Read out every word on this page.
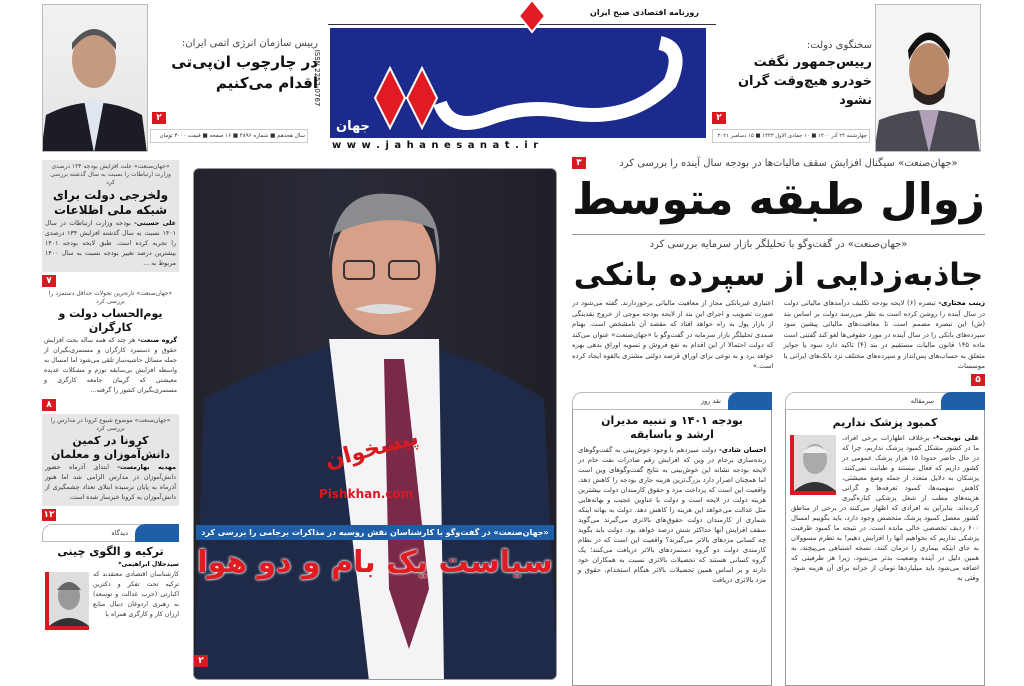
۲
رییس سازمان انرژی اتمی ایران:
در چارچوب ان‌پی‌تی اقدام می‌کنیم
سال هجدهم ■ شماره ۴۸۹۶ ■ ۱۶ صفحه ■ قیمت ۳۰۰۰ تومان
روزنامه اقتصادی صبح ایران
جهان
w w w . j a h a n e s a n a t . i r
ISSN 2252-0767
چهارشنبه ۲۴ آذر ۱۴۰۰ ■ ۱۰ جمادی الاول ۱۴۴۳ ■ ۱۵ دسامبر ۲۰۲۱
سخنگوی دولت:
رییس‌جمهور نگفت خودرو هیچ‌وقت گران نشود
۲
«جهان‌صنعت» علت افزایش بودجه ۱۳۴ درصدی وزارت ارتباطات را نسبت به سال گذشته بررسی کرد
ولخرجی دولت برای شبکه ملی اطلاعات
علی حسینی- بودجه وزارت ارتباطات در سال ۱۴۰۱ نسبت به سال گذشته افزایش ۱۳۴ درصدی را تجربه کرده است. طبق لایحه بودجه ۱۴۰۱ بیشترین درصد تغییر بودجه نسبت به سال ۱۴۰۰ مربوط به ...
۷
«جهان‌صنعت» تازه‌ترین تحولات حداقل دستمزد را بررسی کرد
یوم‌الحساب دولت و کارگران
گروه صنعت- هر چند که همه ساله بحث افزایش حقوق و دستمزد کارگران و مستمری‌بگیران از جمله مسائل حاشیه‌ساز تلقی می‌شود اما امسال به واسطه افزایش بی‌سابقه تورم و مشکلات عدیده معیشتی که گریبان جامعه کارگری و مستمری‌بگیران کشور را گرفته...
۸
«جهان‌صنعت» موضوع شیوع کرونا در مدارس را بررسی کرد
کرونا در کمین دانش‌آموزان و معلمان
مهدیه بهارمست- ابتدای آذرماه حضور دانش‌آموزان در مدارس الزامی شد اما هنوز آذرماه به پایان نرسیده ابتلای تعداد چشمگیری از دانش‌آموزان به کرونا خبرساز شده است.
۱۲
دیدگاه
ترکیه و الگوی چینی
سیدجلال ابراهیمی*
کارشناسان اقتصادی معتقدند که ترکیه تحت تفکر و دکترین اکبارتی (حزب عدالت و توسعه) به رهبری اردوغان دنبال منابع ارزان کار و کارگری همراه با
پیشخوان
Pishkhan.com
«جهان‌صنعت» در گفت‌وگو با کارشناسان نقش روسیه در مذاکرات برجامی را بررسی کرد
سیاست یک بام و دو هوا
۲
«جهان‌صنعت» سیگنال افزایش سقف مالیات‌ها در بودجه سال آینده را بررسی کرد
۳
زوال طبقه متوسط
«جهان‌صنعت» در گفت‌وگو با تحلیلگر بازار سرمایه بررسی کرد
جاذبه‌زدایی از سپرده بانکی
زینب مختاری- تبصره (۶) لایحه بودجه تکلیف درآمدهای مالیاتی دولت در سال آینده را روشن کرده است به نظر می‌رسد دولت بر اساس بند (ش) این تبصره مصمم است تا معافیت‌های مالیاتی پیشین سود سپرده‌های بانکی را در سال آینده در مورد حقوقی‌ها لغو کند گفتنی است ماده ۱۴۵ قانون مالیات مستقیم در بند (۴) تاکید دارد سود یا جوایز متعلق به حساب‌های پس‌انداز و سپرده‌های مختلف نزد بانک‌های ایرانی یا موسسات
اعتباری غیربانکی مجاز از معافیت مالیاتی برخوردارند. گفته می‌شود در صورت تصویب و اجرای این بند از لایحه بودجه موجی از خروج نقدینگی از بازار پول به راه خواهد افتاد که مقصد آن نامشخص است. بهنام صمدی تحلیلگر بازار سرمایه در گفت‌وگو با «جهان‌صنعت» عنوان می‌کند که دولت احتمالا از این اقدام به نفع فروش و تسویه اوراق بدهی بهره خواهد برد و به نوعی برای اوراق قرضه دولتی مشتری بالقوه ایجاد کرده است.»
۵
سرمقاله
کمبود پزشک نداریم
علی نوبخت*- برخلاف اظهارات برخی افراد، ما در کشور مشکل کمبود پزشک نداریم، چرا که در حال حاضر حدودا ۱۵ هزار پزشک عمومی در کشور داریم که فعال نیستند و طبابت نمی‌کنند. پزشکان به دلایل متعدد از جمله وضع معیشتی، کاهش سهمیه‌ها، کمبود تعرفه‌ها و گرانی هزینه‌های مطب از شغل پزشکی کناره‌گیری کرده‌اند. بنابراین به افرادی که اظهار می‌کنند در برخی از مناطق کشور معضل کمبود پزشک متخصص وجود دارد، باید بگوییم امسال ۶۰۰ ردیف تخصصی خالی مانده است. در نتیجه ما کمبود ظرفیت پزشکی نداریم که بخواهیم آنها را افزایش دهیم! به تطرم مسوولان به جای اینکه بیماری را درمان کنند، نسخه اشتباهی می‌پیچند، به همین دلیل در آینده وضعیت بدتر می‌شود، زیرا هر ظرفیتی که اضافه می‌شود باید میلیاردها تومان از خزانه برای آن هزینه شود. وقتی به
نقد روز
بودجه ۱۴۰۱ و تنبیه مدیران ارشد و باسابقه
احسان شادی- دولت سیزدهم با وجود خوش‌بینی به گفت‌وگوهای زنده‌سازی برجام در وین که افزایش رقم صادرات نفت خام در لایحه بودجه نشانه این خوش‌بینی به نتایج گفت‌وگوهای وین است اما همچنان اصرار دارد بزرگ‌ترین هزینه جاری بودجه را کاهش دهد. واقعیت این است که پرداخت مزد و حقوق کارمندان دولت بیشترین هزینه دولت در لایحه است و دولت با عناوین عجیب و بهانه‌هایی مثل عدالت می‌خواهد این هزینه را کاهش دهد. دولت به بهانه اینکه شماری از کارمندان دولت حقوق‌های بالاتری می‌گیرند می‌گوید سقف افزایش آنها حداکثر شش درصد خواهد بود. دولت باید بگوید چه کسانی مزدهای بالاتر می‌گیرند؟ واقعیت این است که در نظام کارمندی دولت دو گروه دستمزدهای بالاتر دریافت می‌کنند؛ یک گروه کسانی هستند که تحصیلات بالاتری نسبت به همکاران خود دارند و بر اساس همین تحصیلات بالاتر هنگام استخدام، حقوق و مزد بالاتری دریافت
